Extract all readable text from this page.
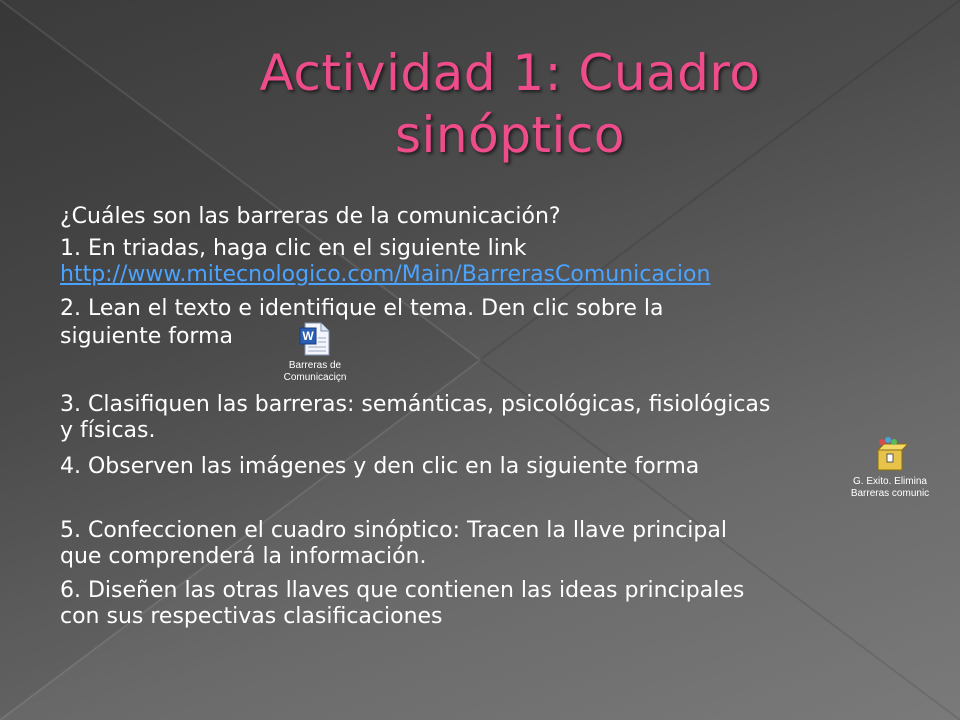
Actividad 1: Cuadro sinóptico
¿Cuáles son las barreras de la comunicación?
1. En triadas, haga clic en el siguiente link
http://www.mitecnologico.com/Main/BarrerasComunicacion
2. Lean el texto e identifique el tema. Den clic sobre la
siguiente forma
3. Clasifiquen las barreras: semánticas, psicológicas, fisiológicas
y físicas.
4. Observen las imágenes y den clic en la siguiente forma
5. Confeccionen el cuadro sinóptico: Tracen la llave principal
que comprenderá la información.
6. Diseñen las otras llaves que contienen las ideas principales
con sus respectivas clasificaciones
W
Barreras de
Comunicaciçn
G. Exito. Elimina
Barreras comunic
